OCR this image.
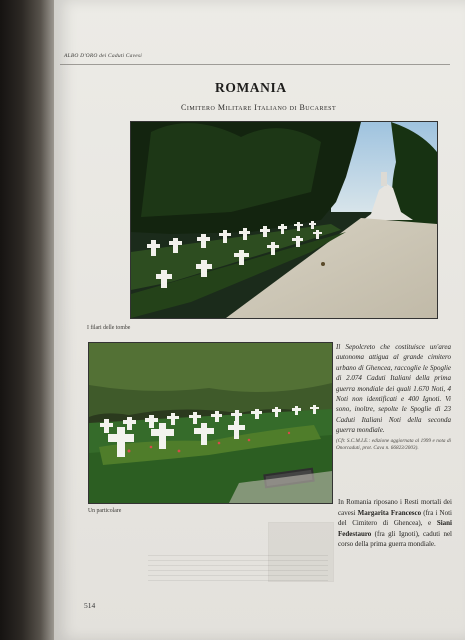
ALBO D'ORO dei Caduti Cavesi
ROMANIA
Cimitero Militare Italiano di Bucarest
I filari delle tombe
Un particolare
Il Sepolcreto che costituisce un'area autonoma attigua al grande cimitero urbano di Ghencea, raccoglie le Spoglie di 2.074 Caduti Italiani della prima guerra mondiale dei quali 1.670 Noti, 4 Noti non identificati e 400 Ignoti. Vi sono, inoltre, sepolte le Spoglie di 23 Caduti Italiani Noti della seconda guerra mondiale.
(Cfr. S.C.M.I.E.: edizione aggiornata al 1999 e nota di Onorcaduti, prot. Cava n. 66823/2003).
In Romania riposano i Resti mortali dei cavesi Margarita Francesco (fra i Noti del Cimitero di Ghencea), e Siani Fedestauro (fra gli Ignoti), caduti nel corso della prima guerra mondiale.
514
